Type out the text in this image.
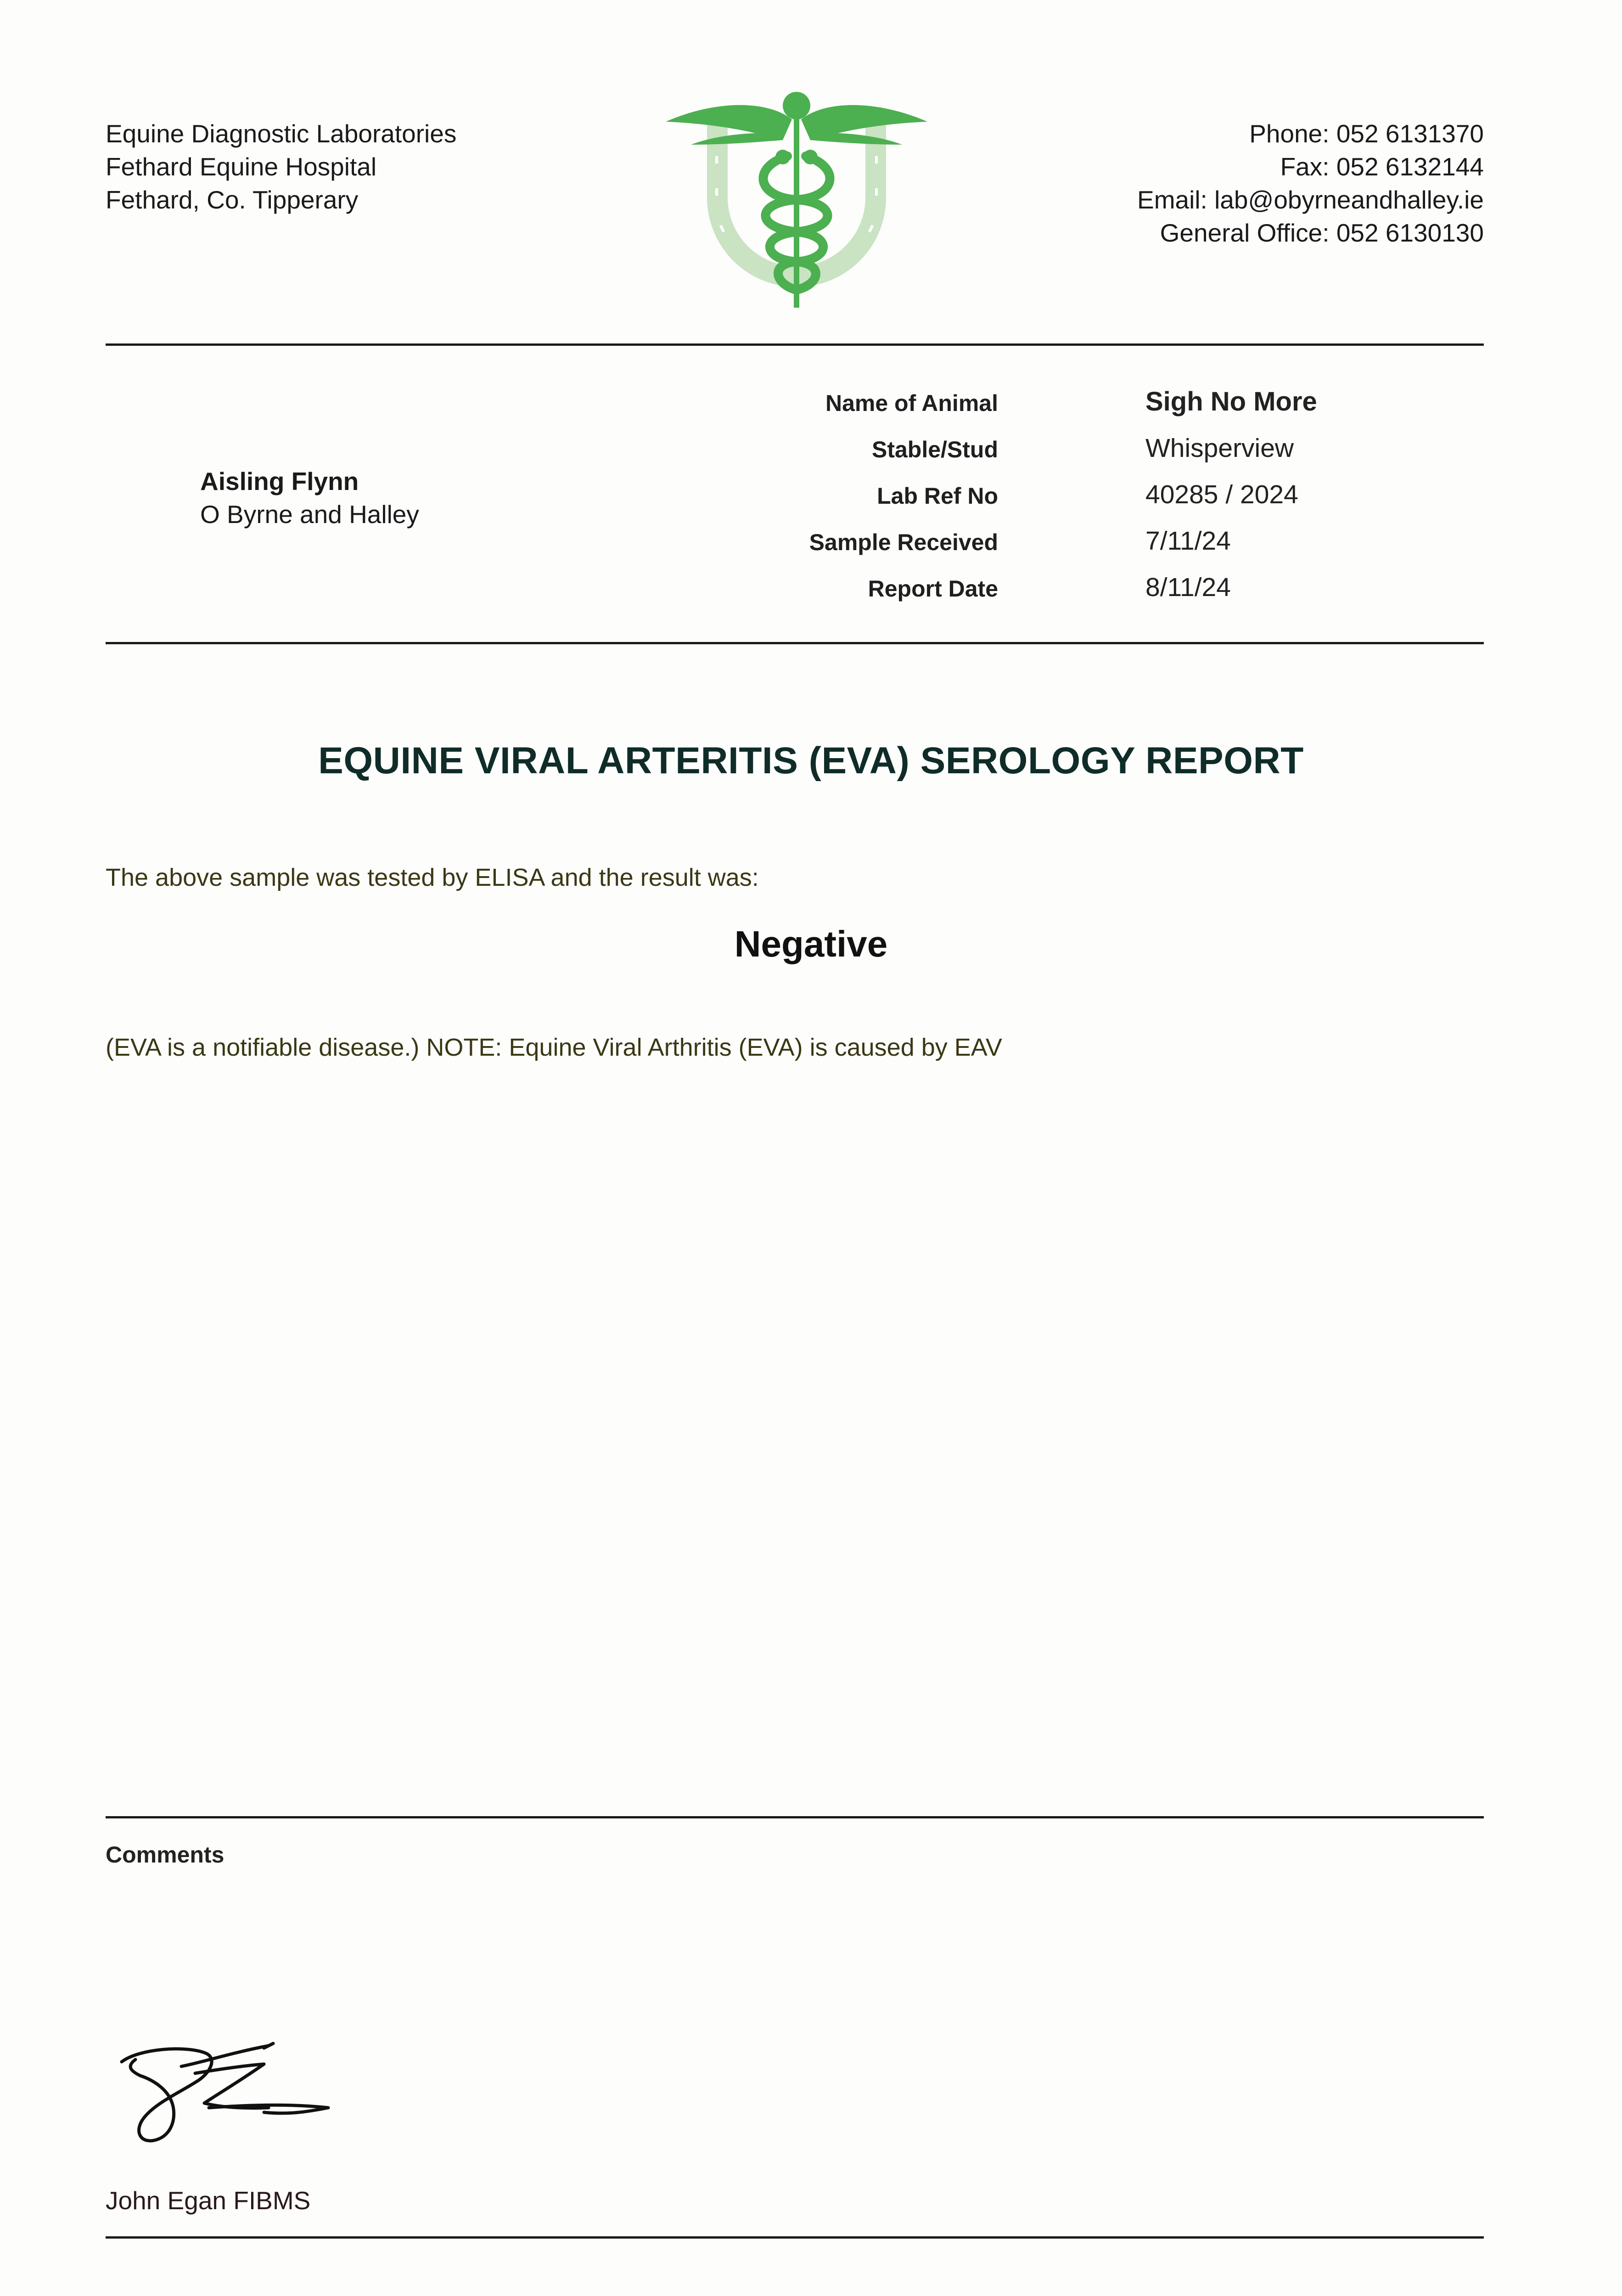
Equine Diagnostic Laboratories
Fethard Equine Hospital
Fethard, Co. Tipperary
Phone: 052 6131370
Fax: 052 6132144
Email: lab@obyrneandhalley.ie
General Office: 052 6130130
Aisling Flynn
O Byrne and Halley
Name of Animal	Sigh No More
Stable/Stud	Whisperview
Lab Ref No	40285 / 2024
Sample Received	7/11/24
Report Date	8/11/24
EQUINE VIRAL ARTERITIS (EVA) SEROLOGY REPORT
The above sample was tested by ELISA and the result was:
Negative
(EVA is a notifiable disease.) NOTE: Equine Viral Arthritis (EVA) is caused by EAV
Comments
John Egan FIBMS
